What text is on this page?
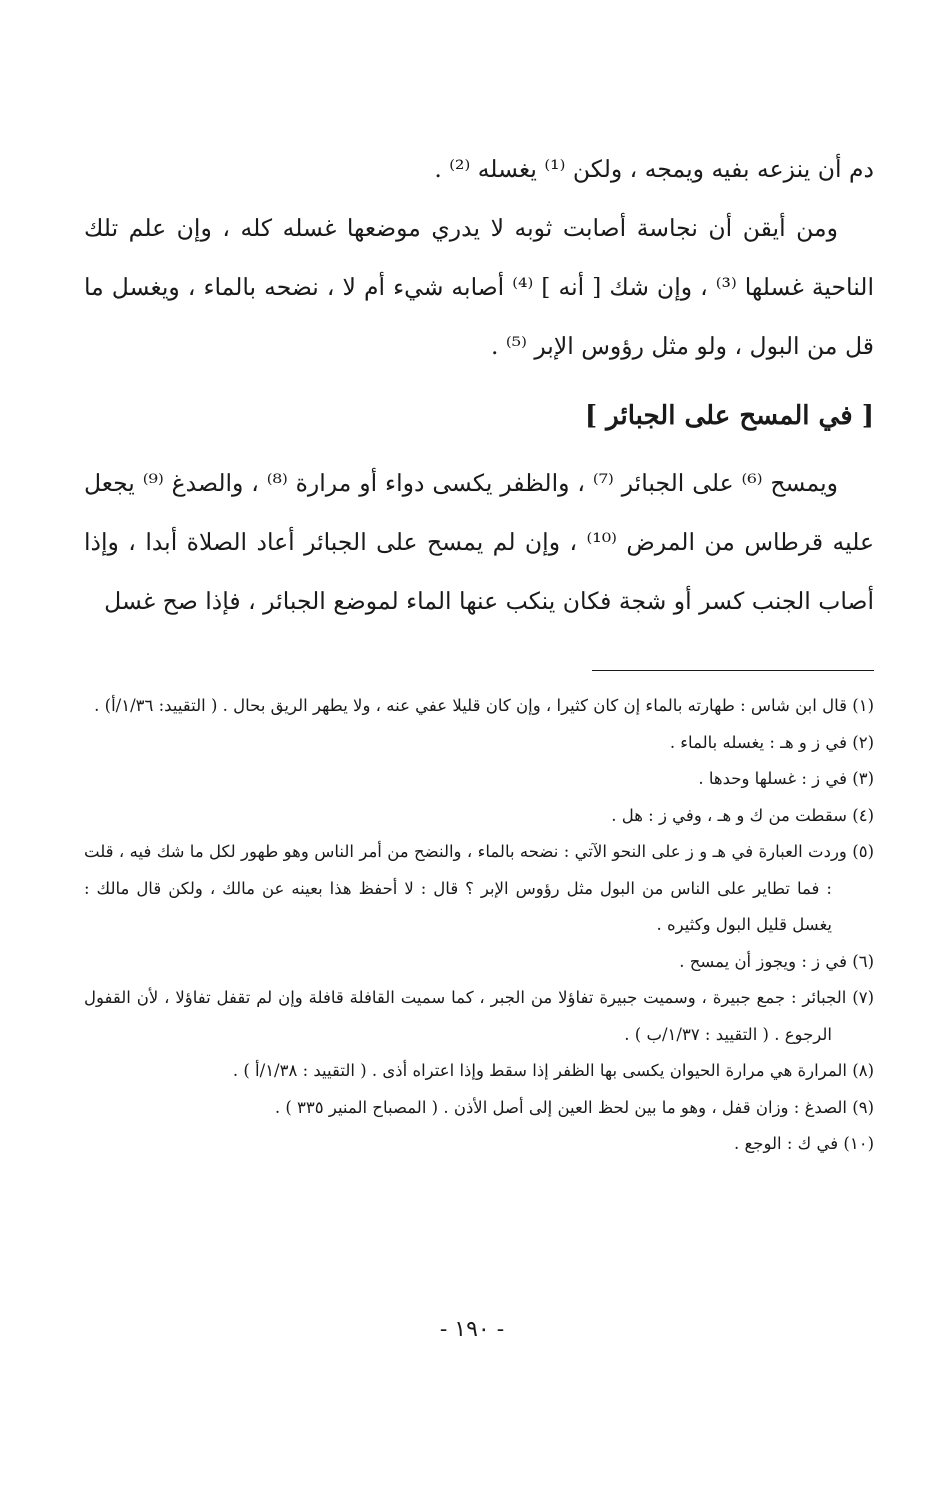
دم أن ينزعه بفيه ويمجه ، ولكن ⁽¹⁾ يغسله ⁽²⁾ .

ومن أيقن أن نجاسة أصابت ثوبه لا يدري موضعها غسله كله ، وإن علم تلك الناحية غسلها ⁽³⁾ ، وإن شك [ أنه ] ⁽⁴⁾ أصابه شيء أم لا ، نضحه بالماء ، ويغسل ما قل من البول ، ولو مثل رؤوس الإبر ⁽⁵⁾ .

[ في المسح على الجبائر ]

ويمسح ⁽⁶⁾ على الجبائر ⁽⁷⁾ ، والظفر يكسى دواء أو مرارة ⁽⁸⁾ ، والصدغ ⁽⁹⁾ يجعل عليه قرطاس من المرض ⁽¹⁰⁾ ، وإن لم يمسح على الجبائر أعاد الصلاة أبدا ، وإذا أصاب الجنب كسر أو شجة فكان ينكب عنها الماء لموضع الجبائر ، فإذا صح غسل

(١) قال ابن شاس : طهارته بالماء إن كان كثيرا ، وإن كان قليلا عفي عنه ، ولا يطهر الريق بحال . ( التقييد: ١/٣٦/أ) .

(٢) في ز و هـ : يغسله بالماء .

(٣) في ز : غسلها وحدها .

(٤) سقطت من ك و هـ ، وفي ز : هل .

(٥) وردت العبارة في هـ و ز على النحو الآتي : نضحه بالماء ، والنضح من أمر الناس وهو طهور لكل ما شك فيه ، قلت : فما تطاير على الناس من البول مثل رؤوس الإبر ؟ قال : لا أحفظ هذا بعينه عن مالك ، ولكن قال مالك : يغسل قليل البول وكثيره .

(٦) في ز : ويجوز أن يمسح .

(٧) الجبائر : جمع جبيرة ، وسميت جبيرة تفاؤلا من الجبر ، كما سميت القافلة قافلة وإن لم تقفل تفاؤلا ، لأن القفول الرجوع . ( التقييد : ١/٣٧/ب ) .

(٨) المرارة هي مرارة الحيوان يكسى بها الظفر إذا سقط وإذا اعتراه أذى . ( التقييد : ١/٣٨/أ ) .

(٩) الصدغ : وزان قفل ، وهو ما بين لحظ العين إلى أصل الأذن . ( المصباح المنير ٣٣٥ ) .

(١٠) في ك : الوجع .

- ١٩٠ -
